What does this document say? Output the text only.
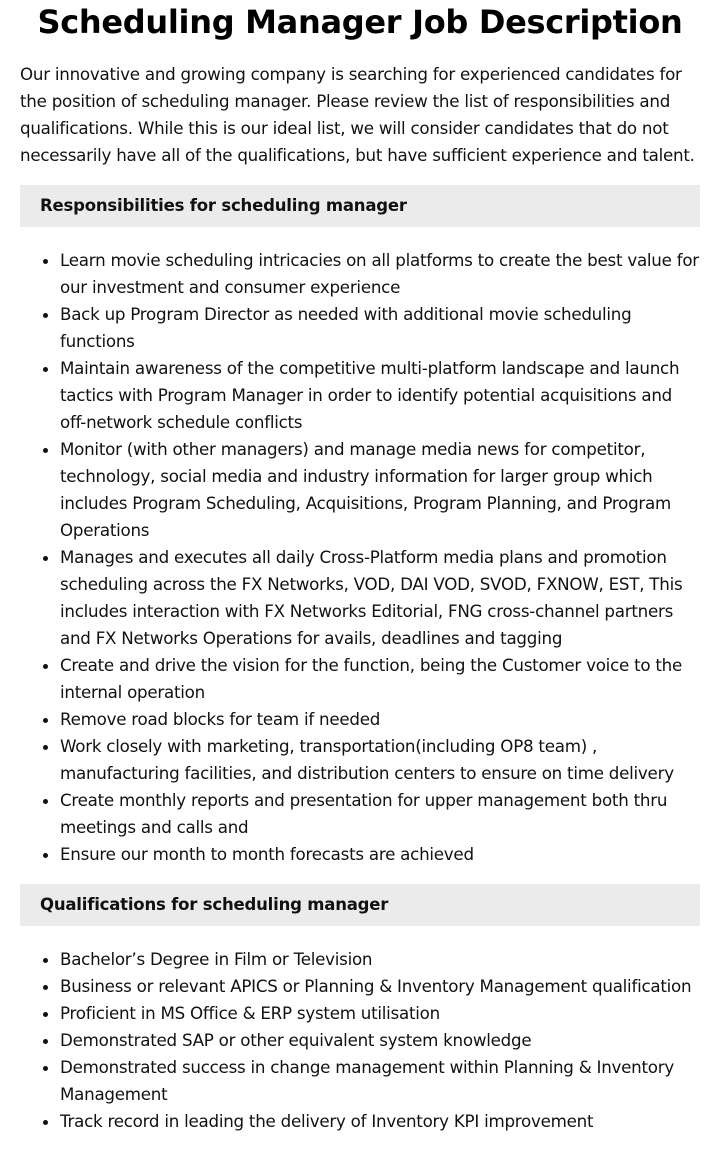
Scheduling Manager Job Description

Our innovative and growing company is searching for experienced candidates for the position of scheduling manager. Please review the list of responsibilities and qualifications. While this is our ideal list, we will consider candidates that do not necessarily have all of the qualifications, but have sufficient experience and talent.

Responsibilities for scheduling manager
• Learn movie scheduling intricacies on all platforms to create the best value for our investment and consumer experience
• Back up Program Director as needed with additional movie scheduling functions
• Maintain awareness of the competitive multi-platform landscape and launch tactics with Program Manager in order to identify potential acquisitions and off-network schedule conflicts
• Monitor (with other managers) and manage media news for competitor, technology, social media and industry information for larger group which includes Program Scheduling, Acquisitions, Program Planning, and Program Operations
• Manages and executes all daily Cross-Platform media plans and promotion scheduling across the FX Networks, VOD, DAI VOD, SVOD, FXNOW, EST, This includes interaction with FX Networks Editorial, FNG cross-channel partners and FX Networks Operations for avails, deadlines and tagging
• Create and drive the vision for the function, being the Customer voice to the internal operation
• Remove road blocks for team if needed
• Work closely with marketing, transportation(including OP8 team) , manufacturing facilities, and distribution centers to ensure on time delivery
• Create monthly reports and presentation for upper management both thru meetings and calls and
• Ensure our month to month forecasts are achieved
Qualifications for scheduling manager
• Bachelor’s Degree in Film or Television
• Business or relevant APICS or Planning & Inventory Management qualification
• Proficient in MS Office & ERP system utilisation
• Demonstrated SAP or other equivalent system knowledge
• Demonstrated success in change management within Planning & Inventory Management
• Track record in leading the delivery of Inventory KPI improvement
